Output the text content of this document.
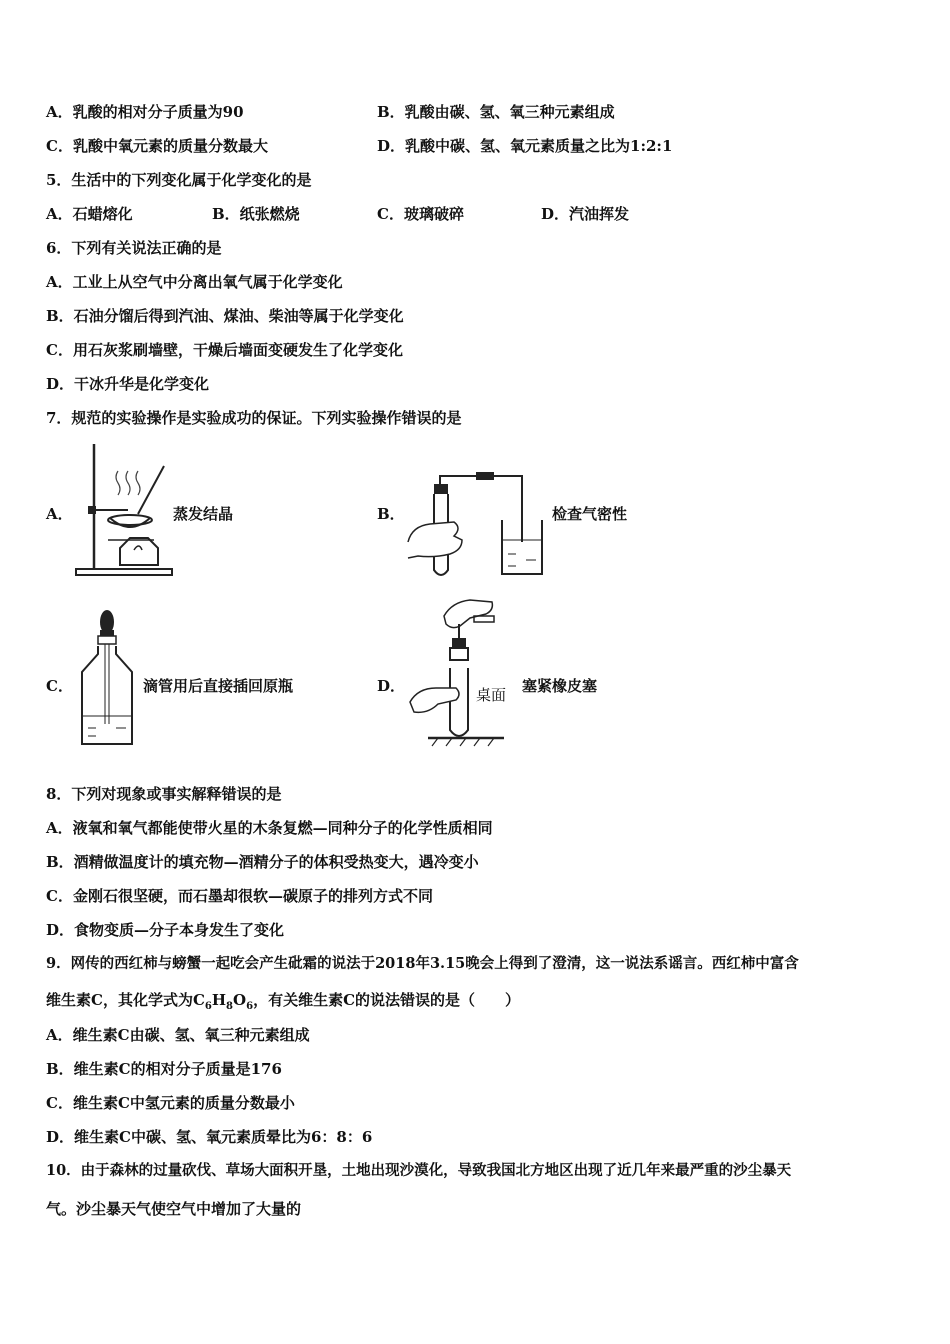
A．乳酸的相对分子质量为90	B．乳酸由碳、氢、氧三种元素组成
C．乳酸中氧元素的质量分数最大	D．乳酸中碳、氢、氧元素质量之比为1:2:1
5．生活中的下列变化属于化学变化的是
A．石蜡熔化	B．纸张燃烧	C．玻璃破碎	D．汽油挥发
6．下列有关说法正确的是
A．工业上从空气中分离出氧气属于化学变化
B．石油分馏后得到汽油、煤油、柴油等属于化学变化
C．用石灰浆刷墙壁，干燥后墙面变硬发生了化学变化
D．干冰升华是化学变化
7．规范的实验操作是实验成功的保证。下列实验操作错误的是
A．	蒸发结晶	B．	检查气密性
C．	滴管用后直接插回原瓶	D．	桌面 塞紧橡皮塞
8．下列对现象或事实解释错误的是
A．液氧和氧气都能使带火星的木条复燃—同种分子的化学性质相同
B．酒精做温度计的填充物—酒精分子的体积受热变大，遇冷变小
C．金刚石很坚硬，而石墨却很软—碳原子的排列方式不同
D．食物变质—分子本身发生了变化
9．网传的西红柿与螃蟹一起吃会产生砒霜的说法于2018年3.15晚会上得到了澄清，这一说法系谣言。西红柿中富含
维生素C，其化学式为$C_6H_8O_6$，有关维生素C的说法错误的是（　　）
A．维生素C由碳、氢、氧三种元素组成
B．维生素C的相对分子质量是176
C．维生素C中氢元素的质量分数最小
D．维生素C中碳、氢、氧元素质晕比为6：8：6
10．由于森林的过量砍伐、草场大面积开垦，土地出现沙漠化，导致我国北方地区出现了近几年来最严重的沙尘暴天
气。沙尘暴天气使空气中增加了大量的
